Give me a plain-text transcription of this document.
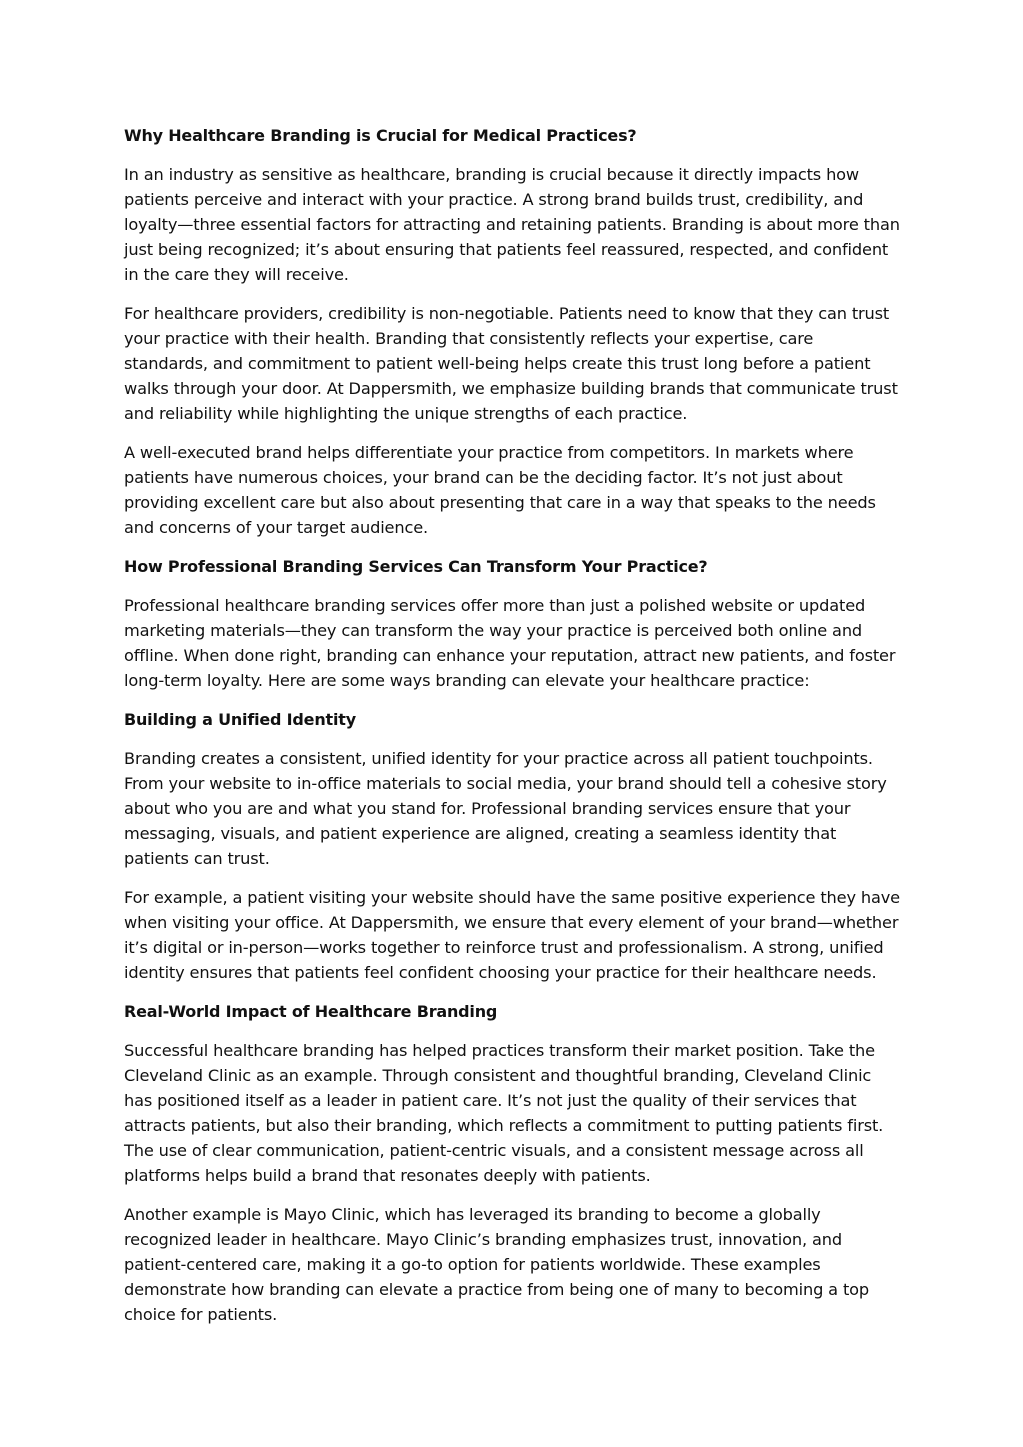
Why Healthcare Branding is Crucial for Medical Practices?
In an industry as sensitive as healthcare, branding is crucial because it directly impacts how patients perceive and interact with your practice. A strong brand builds trust, credibility, and loyalty—three essential factors for attracting and retaining patients. Branding is about more than just being recognized; it’s about ensuring that patients feel reassured, respected, and confident in the care they will receive.
For healthcare providers, credibility is non-negotiable. Patients need to know that they can trust your practice with their health. Branding that consistently reflects your expertise, care standards, and commitment to patient well-being helps create this trust long before a patient walks through your door. At Dappersmith, we emphasize building brands that communicate trust and reliability while highlighting the unique strengths of each practice.
A well-executed brand helps differentiate your practice from competitors. In markets where patients have numerous choices, your brand can be the deciding factor. It’s not just about providing excellent care but also about presenting that care in a way that speaks to the needs and concerns of your target audience.
How Professional Branding Services Can Transform Your Practice?
Professional healthcare branding services offer more than just a polished website or updated marketing materials—they can transform the way your practice is perceived both online and offline. When done right, branding can enhance your reputation, attract new patients, and foster long-term loyalty. Here are some ways branding can elevate your healthcare practice:
Building a Unified Identity
Branding creates a consistent, unified identity for your practice across all patient touchpoints. From your website to in-office materials to social media, your brand should tell a cohesive story about who you are and what you stand for. Professional branding services ensure that your messaging, visuals, and patient experience are aligned, creating a seamless identity that patients can trust.
For example, a patient visiting your website should have the same positive experience they have when visiting your office. At Dappersmith, we ensure that every element of your brand—whether it’s digital or in-person—works together to reinforce trust and professionalism. A strong, unified identity ensures that patients feel confident choosing your practice for their healthcare needs.
Real-World Impact of Healthcare Branding
Successful healthcare branding has helped practices transform their market position. Take the Cleveland Clinic as an example. Through consistent and thoughtful branding, Cleveland Clinic has positioned itself as a leader in patient care. It’s not just the quality of their services that attracts patients, but also their branding, which reflects a commitment to putting patients first. The use of clear communication, patient-centric visuals, and a consistent message across all platforms helps build a brand that resonates deeply with patients.
Another example is Mayo Clinic, which has leveraged its branding to become a globally recognized leader in healthcare. Mayo Clinic’s branding emphasizes trust, innovation, and patient-centered care, making it a go-to option for patients worldwide. These examples demonstrate how branding can elevate a practice from being one of many to becoming a top choice for patients.
